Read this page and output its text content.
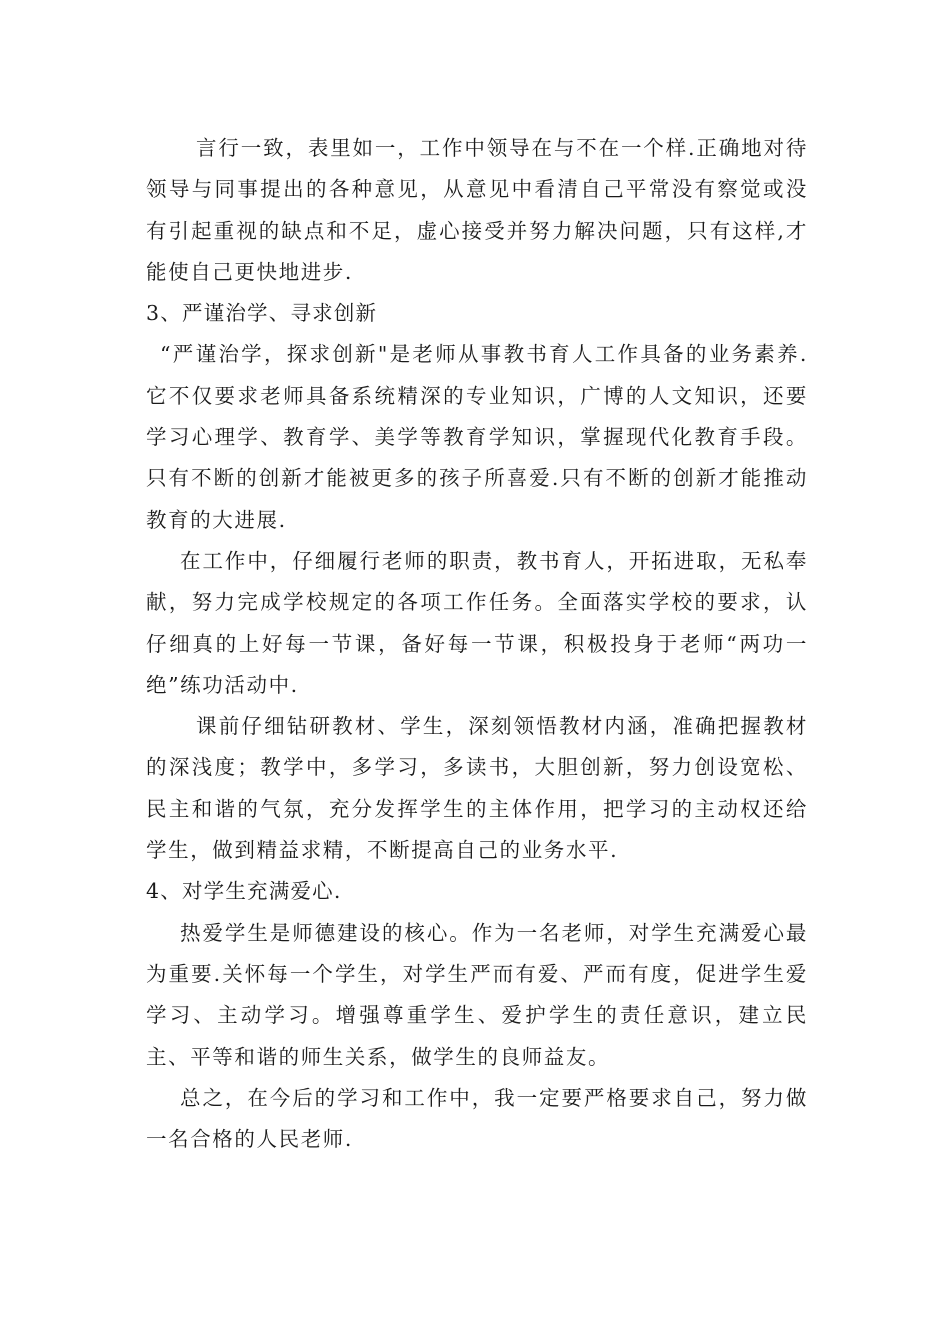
言行一致，表里如一，工作中领导在与不在一个样.正确地对待领导与同事提出的各种意见，从意见中看清自己平常没有察觉或没有引起重视的缺点和不足，虚心接受并努力解决问题，只有这样,才能使自己更快地进步.

3、严谨治学、寻求创新

“严谨治学，探求创新"是老师从事教书育人工作具备的业务素养.它不仅要求老师具备系统精深的专业知识，广博的人文知识，还要学习心理学、教育学、美学等教育学知识，掌握现代化教育手段。只有不断的创新才能被更多的孩子所喜爱.只有不断的创新才能推动教育的大进展.

在工作中，仔细履行老师的职责，教书育人，开拓进取，无私奉献，努力完成学校规定的各项工作任务。全面落实学校的要求，认仔细真的上好每一节课，备好每一节课，积极投身于老师“两功一绝”练功活动中.

课前仔细钻研教材、学生，深刻领悟教材内涵，准确把握教材的深浅度；教学中，多学习，多读书，大胆创新，努力创设宽松、民主和谐的气氛，充分发挥学生的主体作用，把学习的主动权还给学生，做到精益求精，不断提高自己的业务水平.

4、对学生充满爱心.

热爱学生是师德建设的核心。作为一名老师，对学生充满爱心最为重要.关怀每一个学生，对学生严而有爱、严而有度，促进学生爱学习、主动学习。增强尊重学生、爱护学生的责任意识，建立民主、平等和谐的师生关系，做学生的良师益友。

总之，在今后的学习和工作中，我一定要严格要求自己，努力做一名合格的人民老师.
